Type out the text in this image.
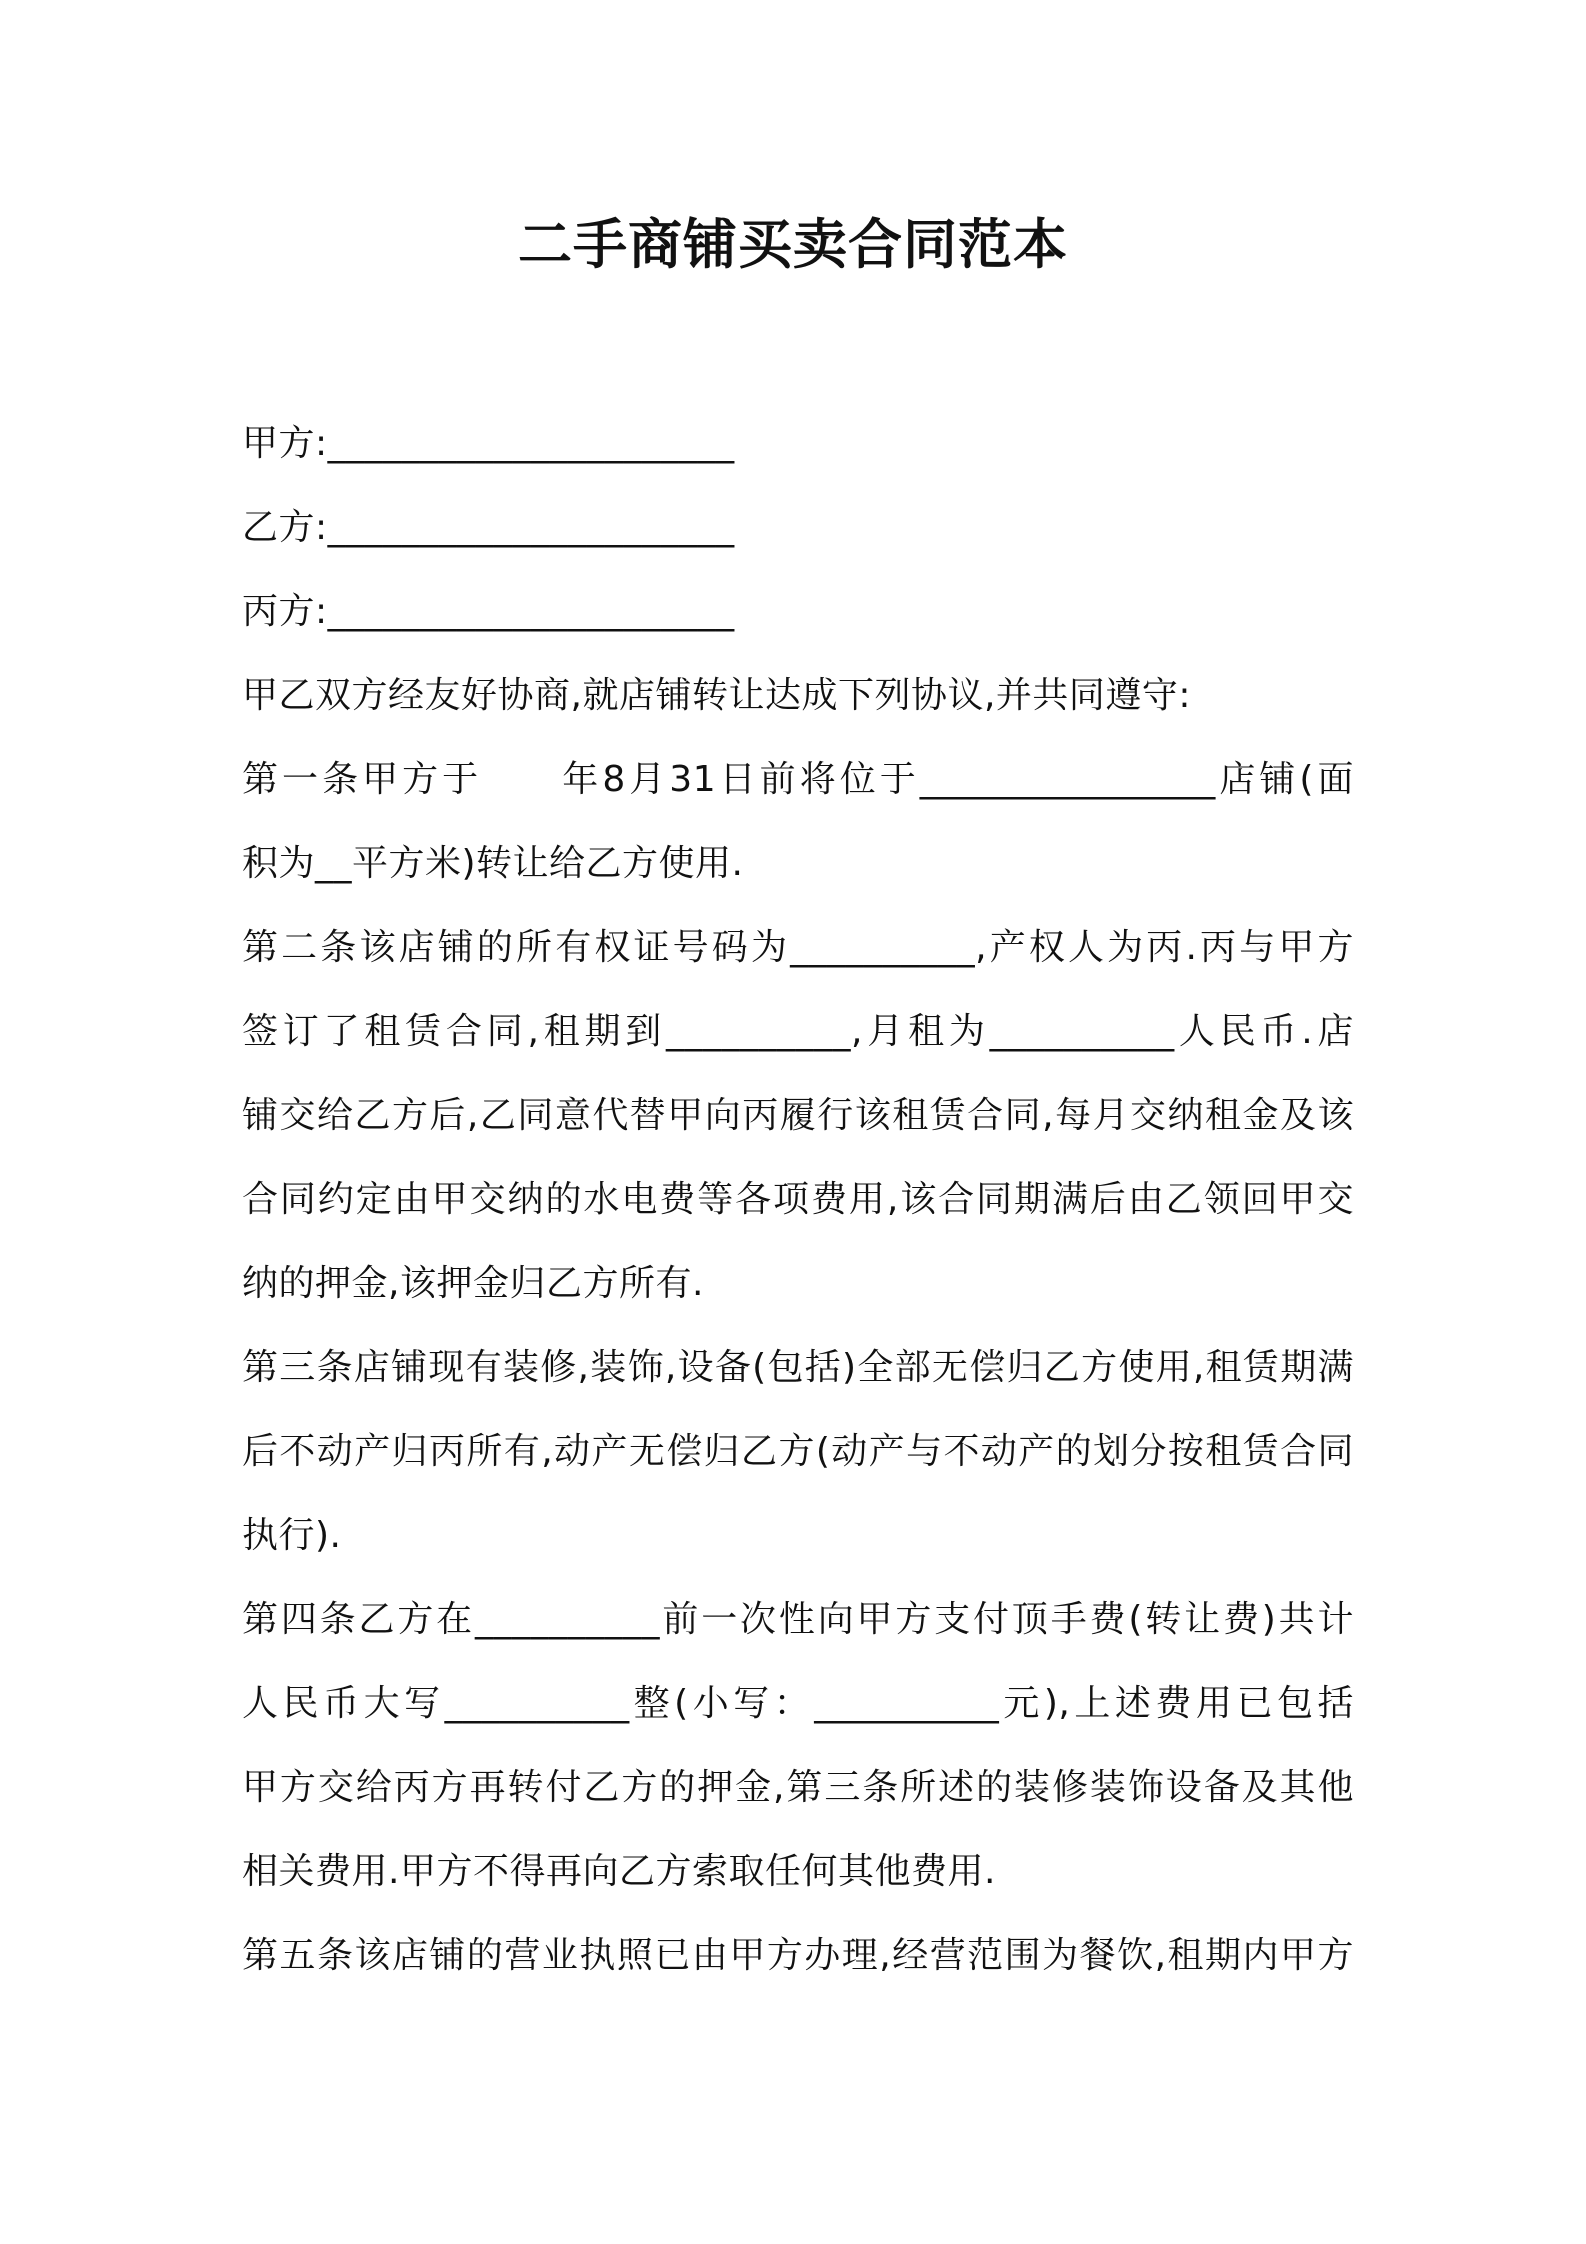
二手商铺买卖合同范本
甲方:______________________
乙方:______________________
丙方:______________________
甲乙双方经友好协商,就店铺转让达成下列协议,并共同遵守:
第一条甲方于　　年8月31日前将位于________________店铺(面
积为__平方米)转让给乙方使用.
第二条该店铺的所有权证号码为__________,产权人为丙.丙与甲方
签订了租赁合同,租期到__________,月租为__________人民币.店
铺交给乙方后,乙同意代替甲向丙履行该租赁合同,每月交纳租金及该
合同约定由甲交纳的水电费等各项费用,该合同期满后由乙领回甲交
纳的押金,该押金归乙方所有.
第三条店铺现有装修,装饰,设备(包括)全部无偿归乙方使用,租赁期满
后不动产归丙所有,动产无偿归乙方(动产与不动产的划分按租赁合同
执行).
第四条乙方在__________前一次性向甲方支付顶手费(转让费)共计
人民币大写__________整(小写：__________元),上述费用已包括
甲方交给丙方再转付乙方的押金,第三条所述的装修装饰设备及其他
相关费用.甲方不得再向乙方索取任何其他费用.
第五条该店铺的营业执照已由甲方办理,经营范围为餐饮,租期内甲方
